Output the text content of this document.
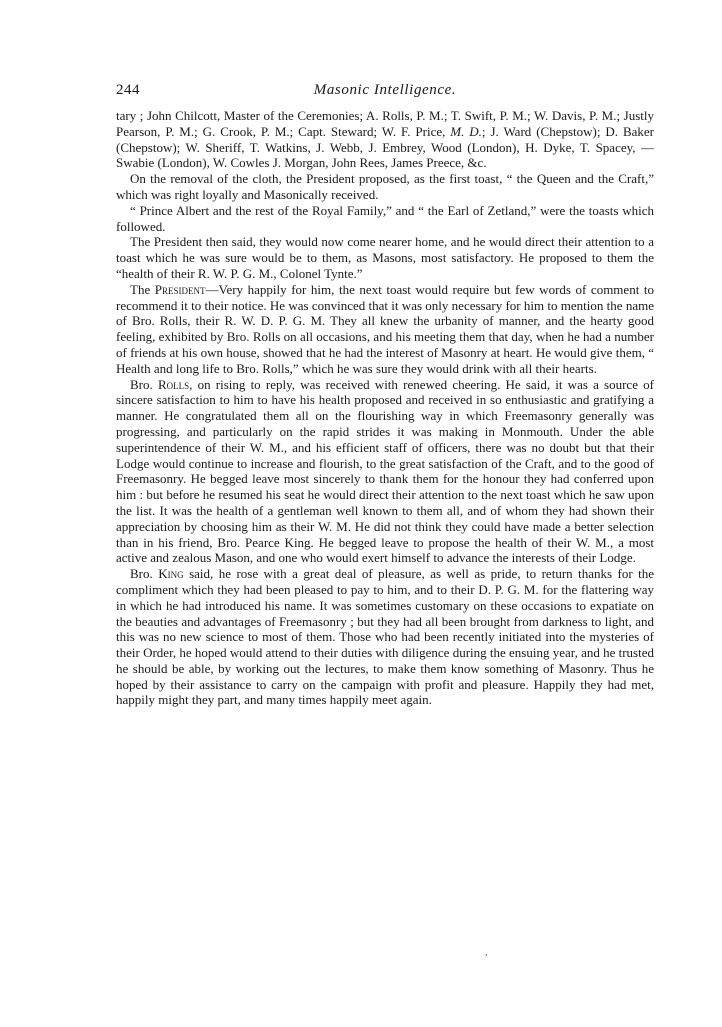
244	Masonic Intelligence.

tary ; John Chilcott, Master of the Ceremonies; A. Rolls, P. M.; T. Swift, P. M.; W. Davis, P. M.; Justly Pearson, P. M.; G. Crook, P. M.; Capt. Steward; W. F. Price, M. D.; J. Ward (Chepstow); D. Baker (Chepstow); W. Sheriff, T. Watkins, J. Webb, J. Embrey, Wood (London), H. Dyke, T. Spacey, — Swabie (London), W. Cowles J. Morgan, John Rees, James Preece, &c.

On the removal of the cloth, the President proposed, as the first toast, “ the Queen and the Craft,” which was right loyally and Masonically received.

“ Prince Albert and the rest of the Royal Family,” and “ the Earl of Zetland,” were the toasts which followed.

The President then said, they would now come nearer home, and he would direct their attention to a toast which he was sure would be to them, as Masons, most satisfactory. He proposed to them the “health of their R. W. P. G. M., Colonel Tynte.”

The President—Very happily for him, the next toast would require but few words of comment to recommend it to their notice. He was convinced that it was only necessary for him to mention the name of Bro. Rolls, their R. W. D. P. G. M. They all knew the urbanity of manner, and the hearty good feeling, exhibited by Bro. Rolls on all occasions, and his meeting them that day, when he had a number of friends at his own house, showed that he had the interest of Masonry at heart. He would give them, “ Health and long life to Bro. Rolls,” which he was sure they would drink with all their hearts.

Bro. Rolls, on rising to reply, was received with renewed cheering. He said, it was a source of sincere satisfaction to him to have his health proposed and received in so enthusiastic and gratifying a manner. He congratulated them all on the flourishing way in which Freemasonry generally was progressing, and particularly on the rapid strides it was making in Monmouth. Under the able superintendence of their W. M., and his efficient staff of officers, there was no doubt but that their Lodge would continue to increase and flourish, to the great satisfaction of the Craft, and to the good of Freemasonry. He begged leave most sincerely to thank them for the honour they had conferred upon him : but before he resumed his seat he would direct their attention to the next toast which he saw upon the list. It was the health of a gentleman well known to them all, and of whom they had shown their appreciation by choosing him as their W. M. He did not think they could have made a better selection than in his friend, Bro. Pearce King. He begged leave to propose the health of their W. M., a most active and zealous Mason, and one who would exert himself to advance the interests of their Lodge.

Bro. King said, he rose with a great deal of pleasure, as well as pride, to return thanks for the compliment which they had been pleased to pay to him, and to their D. P. G. M. for the flattering way in which he had introduced his name. It was sometimes customary on these occasions to expatiate on the beauties and advantages of Freemasonry ; but they had all been brought from darkness to light, and this was no new science to most of them. Those who had been recently initiated into the mysteries of their Order, he hoped would attend to their duties with diligence during the ensuing year, and he trusted he should be able, by working out the lectures, to make them know something of Masonry. Thus he hoped by their assistance to carry on the campaign with profit and pleasure. Happily they had met, happily might they part, and many times happily meet again.

,
